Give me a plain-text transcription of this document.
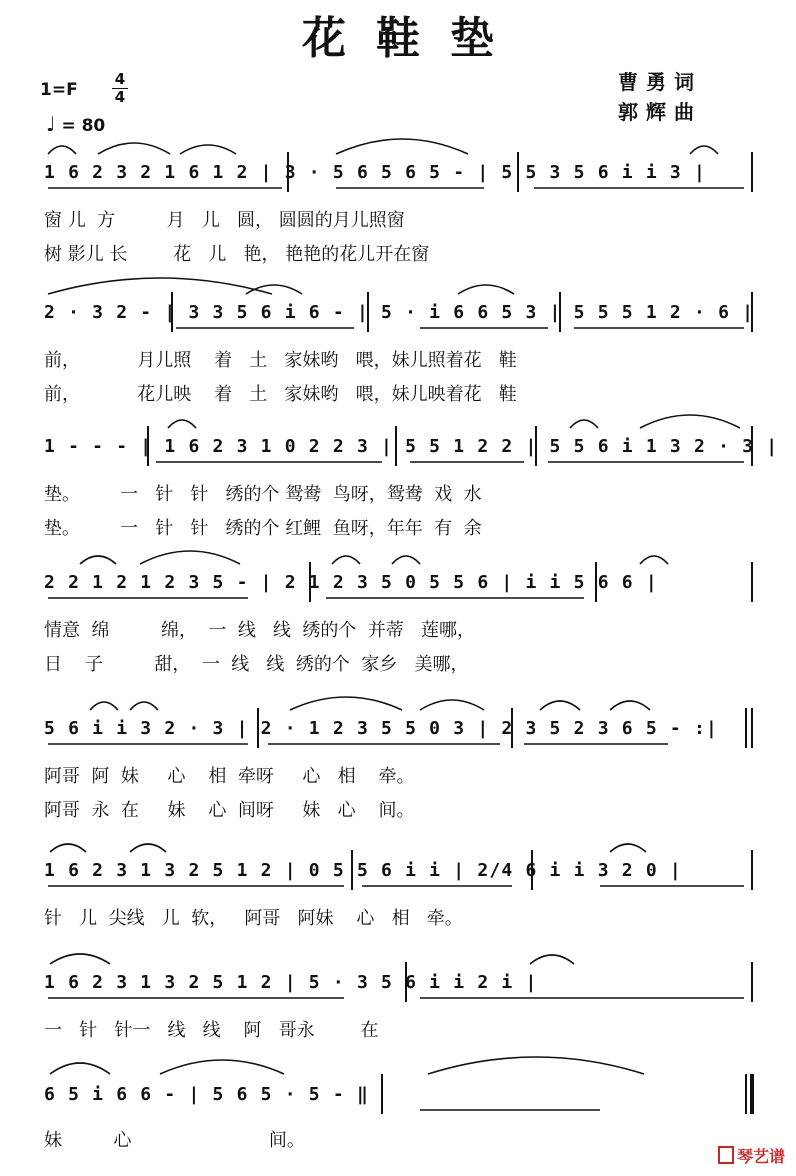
花鞋垫
1=F
4
4
♩ = 80
曹勇词
郭辉曲
1 6 2 3 2 1 6 1 2 | 3 · 5 6 5 6 5 - | 5 5 3 5 6 i i 3 |
窗 儿  方         月   儿   圆， 圆圆的月儿照窗
树 影儿 长        花   儿   艳， 艳艳的花儿开在窗
2 · 3 2 - | 3 3 5 6 i 6 - | 5 · i 6 6 5 3 | 5 5 5 1 2 · 6 |
前，          月儿照    着   土   家妹哟   喂，妹儿照着花   鞋
前，          花儿映    着   土   家妹哟   喂，妹儿映着花   鞋
1 - - - | 1 6 2 3 1 0 2 2 3 | 5 5 1 2 2 | 5 5 6 i 1 3 2 · 3 |
垫。       一   针   针   绣的个 鸳鸯  鸟呀，鸳鸯  戏  水
垫。       一   针   针   绣的个 红鲤  鱼呀，年年  有  余
2 2 1 2 1 2 3 5 - | 2 1 2 3 5 0 5 5 6 | i i 5 6 6 |
情意  绵         绵，  一  线   线  绣的个  并蒂   莲哪，
日    子         甜，  一  线   线  绣的个  家乡   美哪，
5 6 i i 3 2 · 3 | 2 · 1 2 3 5 5 0 3 | 2 3 5 2 3 6 5 - :|
阿哥  阿  妹     心    相  牵呀     心   相    牵。
阿哥  永  在     妹    心  间呀     妹   心    间。
1 6 2 3 1 3 2 5 1 2 | 0 5 5 6 i i | 2/4 6 i i 3 2 0 |
针   儿  尖线   儿  软，   阿哥   阿妹    心   相   牵。
1 6 2 3 1 3 2 5 1 2 | 5 · 3 5 6 i i 2 i |
一   针   针一   线   线    阿   哥永        在
6 5 i 6 6 - | 5 6 5 · 5 - ‖
妹         心                        间。
琴艺谱
